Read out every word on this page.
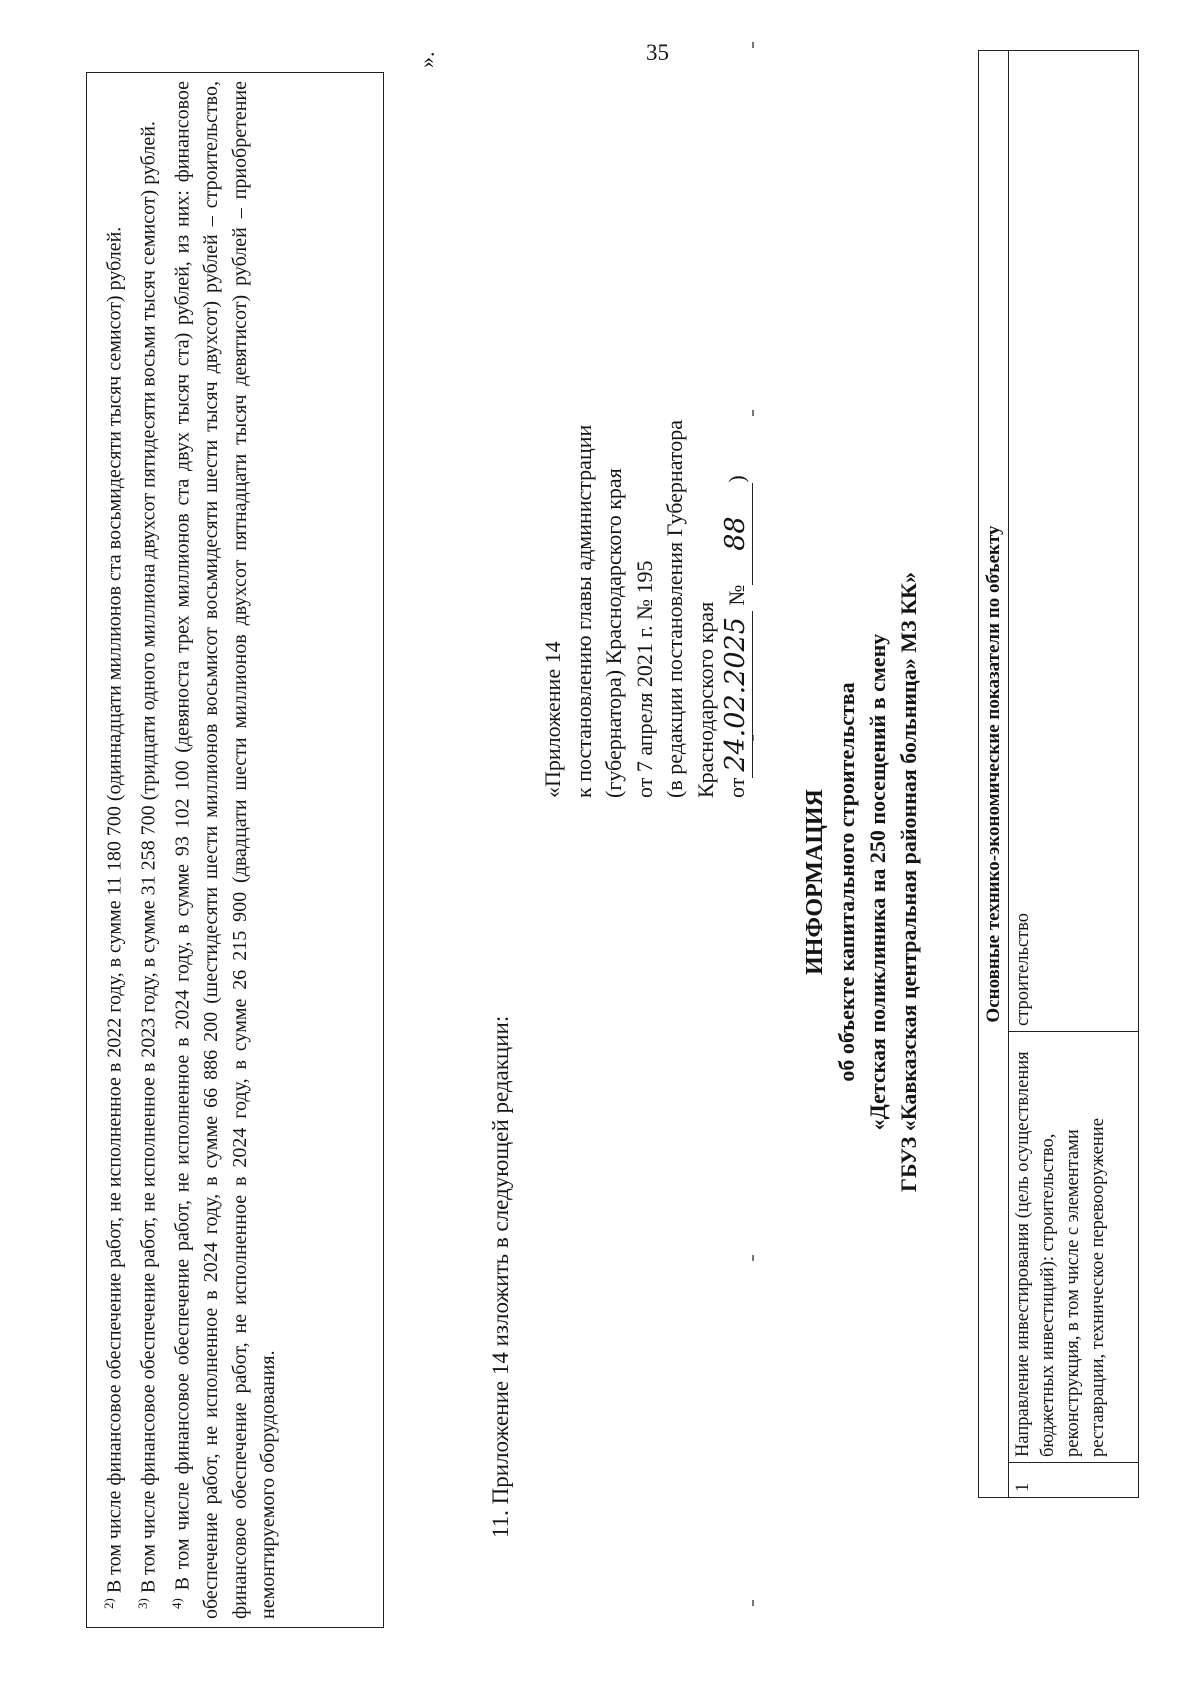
35
$^{2)}$ В том числе финансовое обеспечение работ, не исполненное в 2022 году, в сумме 11 180 700 (одиннадцати миллионов ста восьмидесяти тысяч семисот) рублей.
$^{3)}$ В том числе финансовое обеспечение работ, не исполненное в 2023 году, в сумме 31 258 700 (тридцати одного миллиона двухсот пятидесяти восьми тысяч семисот) рублей.
$^{4)}$ В том числе финансовое обеспечение работ, не исполненное в 2024 году, в сумме 93 102 100 (девяноста трех миллионов ста двух тысяч ста) рублей, из них: финансовое обеспечение работ, не исполненное в 2024 году, в сумме 66 886 200 (шестидесяти шести миллионов восьмисот восьмидесяти шести тысяч двухсот) рублей – строительство, финансовое обеспечение работ, не исполненное в 2024 году, в сумме 26 215 900 (двадцати шести миллионов двухсот пятнадцати тысяч девятисот) рублей – приобретение немонтируемого оборудования.
».
11. Приложение 14 изложить в следующей редакции:
«Приложение 14 к постановлению главы администрации (губернатора) Краснодарского края от 7 апреля 2021 г. № 195 (в редакции постановления Губернатора Краснодарского края от24.02.2025 №88)
ИНФОРМАЦИЯ об объекте капитального строительства «Детская поликлиника на 250 посещений в смену ГБУЗ «Кавказская центральная районная больница» МЗ КК»	Основные технико-экономические показатели по объекту
1	Направление инвестирования (цель осуществления бюджетных инвестиций): строительство, реконструкция, в том числе с элементами реставрации, техническое перевооружение	строительство
